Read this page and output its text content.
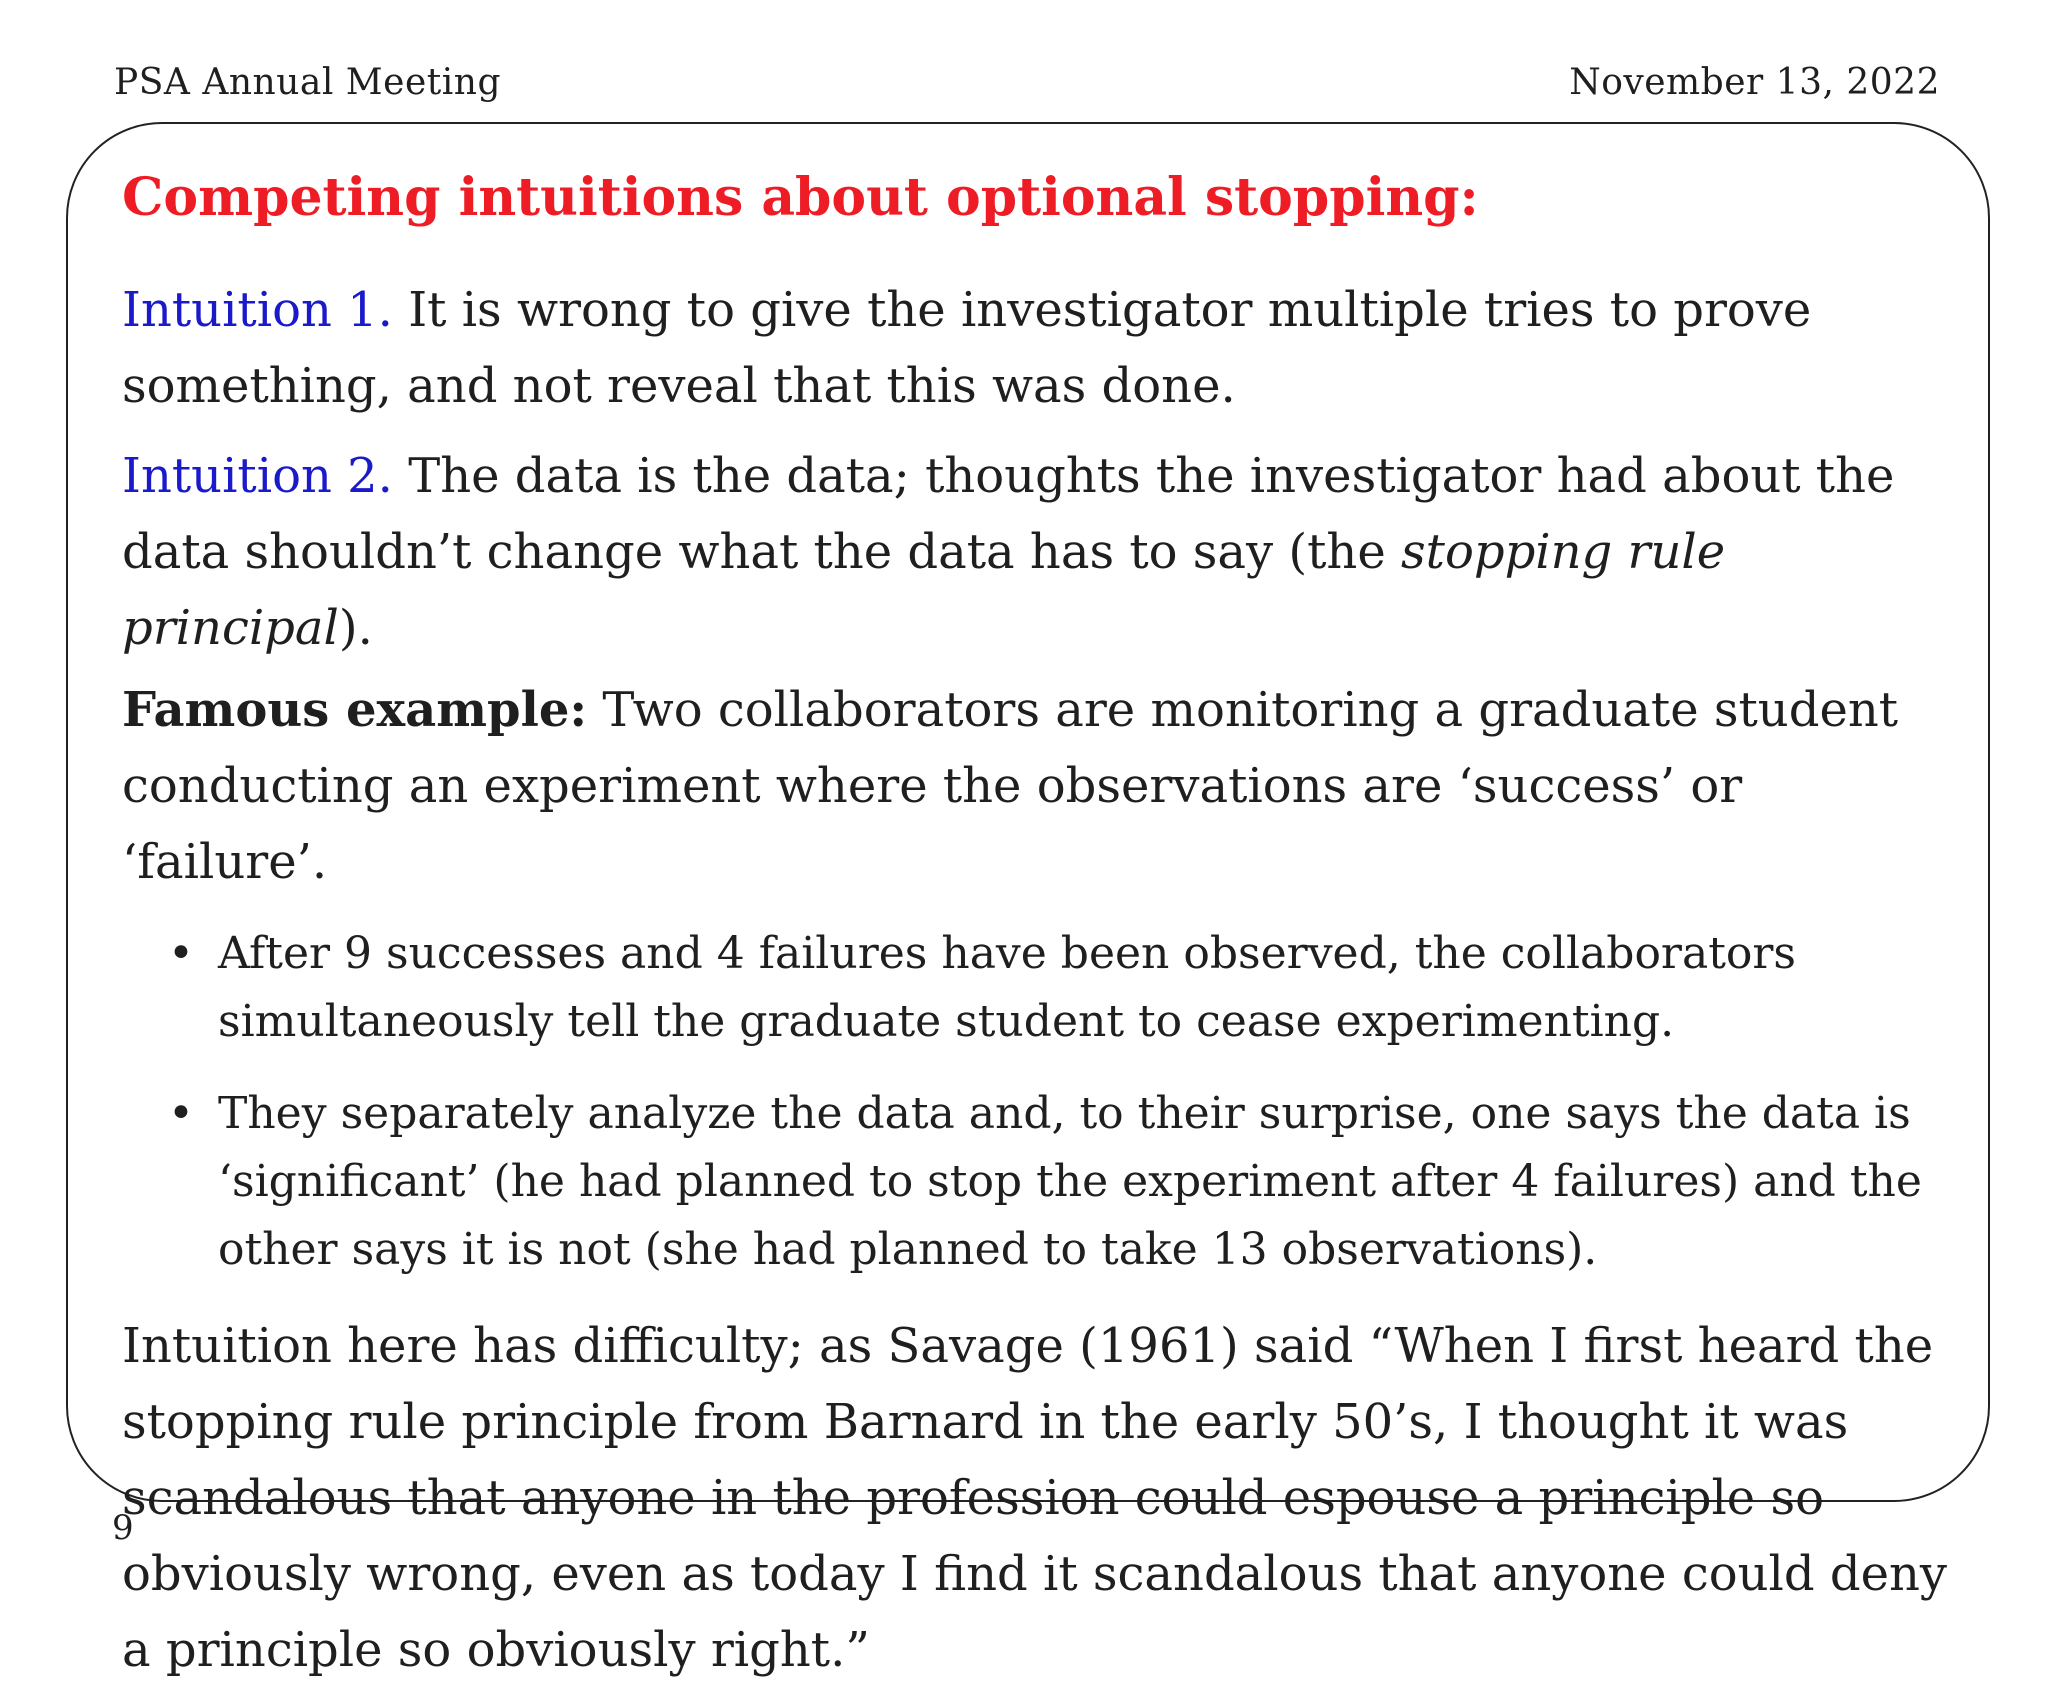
PSA Annual Meeting	November 13, 2022
Competing intuitions about optional stopping:

Intuition 1. It is wrong to give the investigator multiple tries to prove something, and not reveal that this was done.

Intuition 2. The data is the data; thoughts the investigator had about the data shouldn’t change what the data has to say (the stopping rule principal).

Famous example: Two collaborators are monitoring a graduate student conducting an experiment where the observations are ‘success’ or ‘failure’.

• After 9 successes and 4 failures have been observed, the collaborators simultaneously tell the graduate student to cease experimenting.
• They separately analyze the data and, to their surprise, one says the data is ‘significant’ (he had planned to stop the experiment after 4 failures) and the other says it is not (she had planned to take 13 observations).

Intuition here has difficulty; as Savage (1961) said “When I first heard the stopping rule principle from Barnard in the early 50’s, I thought it was scandalous that anyone in the profession could espouse a principle so obviously wrong, even as today I find it scandalous that anyone could deny a principle so obviously right.”

9
